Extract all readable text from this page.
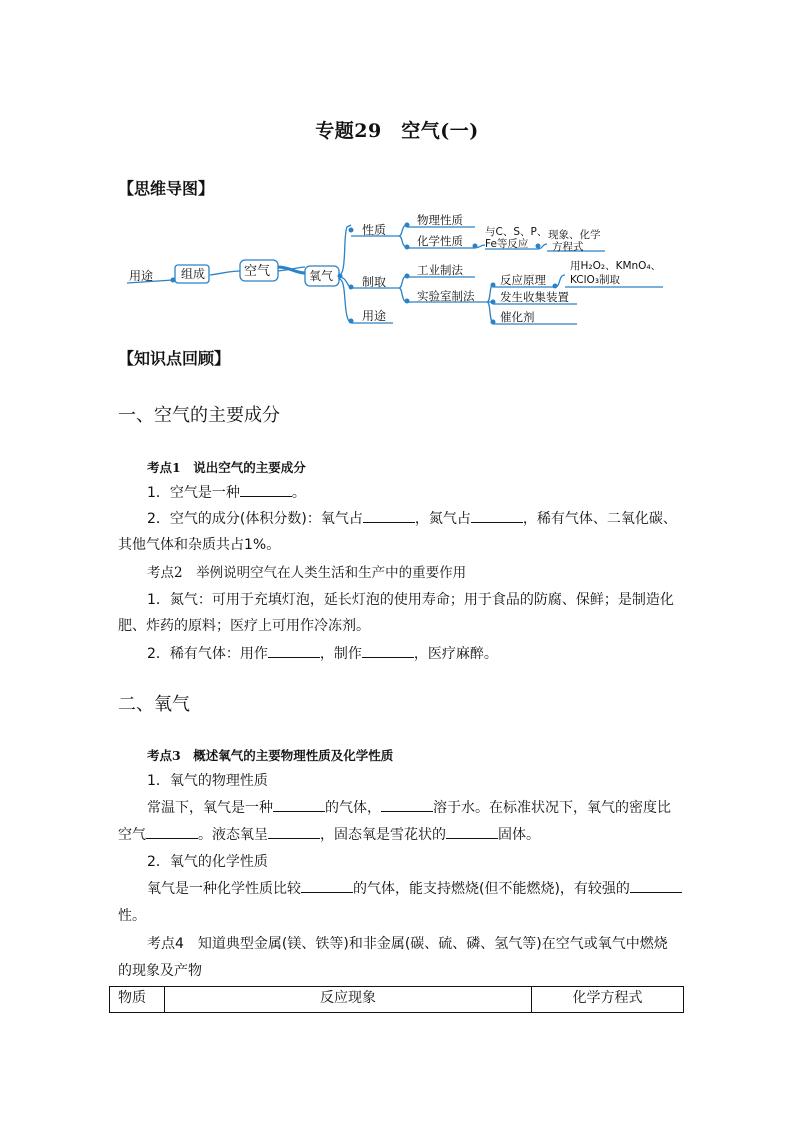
专题29　空气(一)
【思维导图】
用途 组成	空气	氧气
性质
物理性质
化学性质
与C、S、P、
Fe等反应
现象、化学
方程式
制取
工业制法
实验室制法
反应原理
发生收集装置
催化剂
用H₂O₂、KMnO₄、
KClO₃制取
用途
【知识点回顾】
一、空气的主要成分
考点1　说出空气的主要成分
1．空气是一种	。
2．空气的成分(体积分数)：氧气占	，氮气占	，稀有气体、二氧化碳、
其他气体和杂质共占1%。
考点2　举例说明空气在人类生活和生产中的重要作用
1．氮气：可用于充填灯泡，延长灯泡的使用寿命；用于食品的防腐、保鲜；是制造化
肥、炸药的原料；医疗上可用作冷冻剂。
2．稀有气体：用作	，制作	，医疗麻醉。
二、氧气
考点3　概述氧气的主要物理性质及化学性质
1．氧气的物理性质
常温下，氧气是一种	的气体，	溶于水。在标准状况下，氧气的密度比
空气	。液态氧呈	，固态氧是雪花状的	固体。
2．氧气的化学性质
氧气是一种化学性质比较	的气体，能支持燃烧(但不能燃烧)，有较强的
性。
考点4　知道典型金属(镁、铁等)和非金属(碳、硫、磷、氢气等)在空气或氧气中燃烧
的现象及产物
物质	反应现象	化学方程式
